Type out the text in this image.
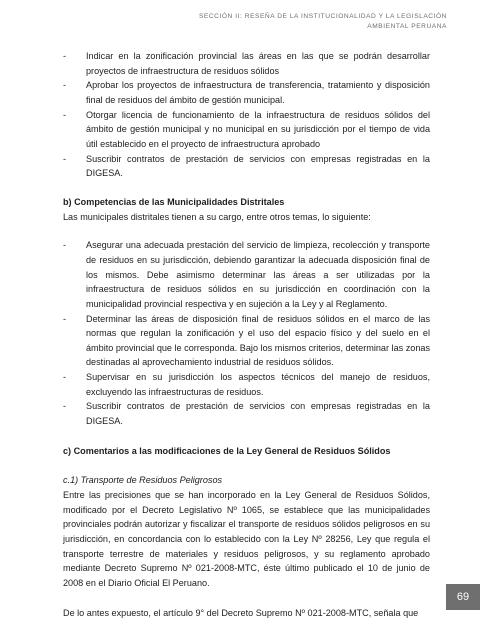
SECCIÓN II: RESEÑA DE LA INSTITUCIONALIDAD Y LA LEGISLACIÓN
AMBIENTAL PERUANA
- Indicar en la zonificación provincial las áreas en las que se podrán desarrollar proyectos de infraestructura de residuos sólidos
- Aprobar los proyectos de infraestructura de transferencia, tratamiento y disposición final de residuos del ámbito de gestión municipal.
- Otorgar licencia de funcionamiento de la infraestructura de residuos sólidos del ámbito de gestión municipal y no municipal en su jurisdicción por el tiempo de vida útil establecido en el proyecto de infraestructura aprobado
- Suscribir contratos de prestación de servicios con empresas registradas en la DIGESA.
b) Competencias de las Municipalidades Distritales

Las municipales distritales tienen a su cargo, entre otros temas, lo siguiente:

- Asegurar una adecuada prestación del servicio de limpieza, recolección y transporte de residuos en su jurisdicción, debiendo garantizar la adecuada disposición final de los mismos. Debe asimismo determinar las áreas a ser utilizadas por la infraestructura de residuos sólidos en su jurisdicción en coordinación con la municipalidad provincial respectiva y en sujeción a la Ley y al Reglamento.
- Determinar las áreas de disposición final de residuos sólidos en el marco de las normas que regulan la zonificación y el uso del espacio físico y del suelo en el ámbito provincial que le corresponda. Bajo los mismos criterios, determinar las zonas destinadas al aprovechamiento industrial de residuos sólidos.
- Supervisar en su jurisdicción los aspectos técnicos del manejo de residuos, excluyendo las infraestructuras de residuos.
- Suscribir contratos de prestación de servicios con empresas registradas en la DIGESA.
c) Comentarios a las modificaciones de la Ley General de Residuos Sólidos
c.1) Transporte de Residuos Peligrosos

Entre las precisiones que se han incorporado en la Ley General de Residuos Sólidos, modificado por el Decreto Legislativo Nº 1065, se establece que las municipalidades provinciales podrán autorizar y fiscalizar el transporte de residuos sólidos peligrosos en su jurisdicción, en concordancia con lo establecido con la Ley Nº 28256, Ley que regula el transporte terrestre de materiales y residuos peligrosos, y su reglamento aprobado mediante Decreto Supremo Nº 021-2008-MTC, éste último publicado el 10 de junio de 2008 en el Diario Oficial El Peruano.

De lo antes expuesto, el artículo 9° del Decreto Supremo Nº 021-2008-MTC, señala que

69
